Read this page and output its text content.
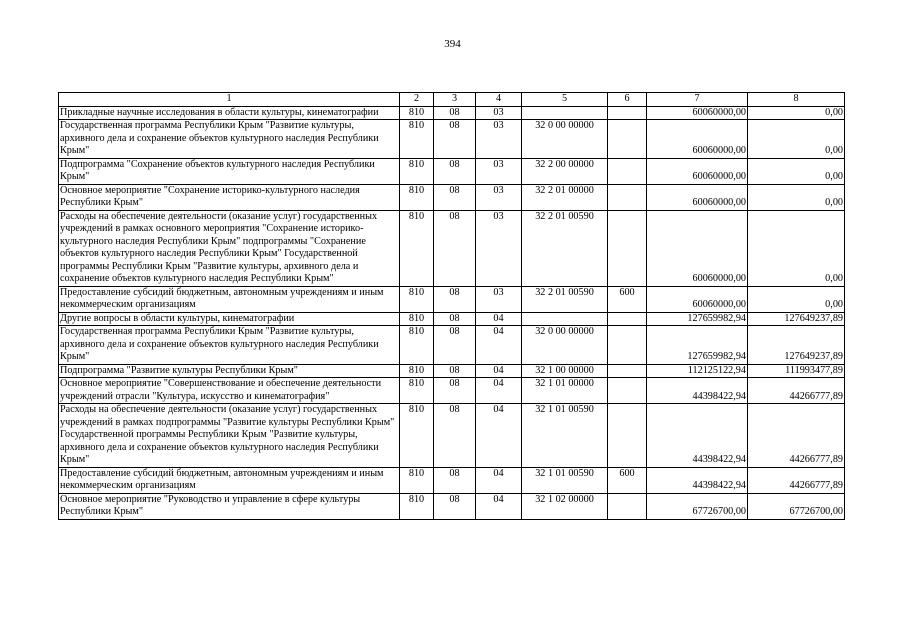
394
1	2	3	4	5	6	7	8
Прикладные научные исследования в области культуры, кинематографии	810	08	03			60060000,00	0,00
Государственная программа Республики Крым "Развитие культуры, архивного дела и сохранение объектов культурного наследия Республики Крым"	810	08	03	32 0 00 00000		60060000,00	0,00
Подпрограмма "Сохранение объектов культурного наследия Республики Крым"	810	08	03	32 2 00 00000		60060000,00	0,00
Основное мероприятие "Сохранение историко-культурного наследия Республики Крым"	810	08	03	32 2 01 00000		60060000,00	0,00
Расходы на обеспечение деятельности (оказание услуг) государственных учреждений в рамках основного мероприятия "Сохранение историко-культурного наследия Республики Крым" подпрограммы "Сохранение объектов культурного наследия Республики Крым" Государственной программы Республики Крым "Развитие культуры, архивного дела и сохранение объектов культурного наследия Республики Крым"	810	08	03	32 2 01 00590		60060000,00	0,00
Предоставление субсидий бюджетным, автономным учреждениям и иным некоммерческим организациям	810	08	03	32 2 01 00590	600	60060000,00	0,00
Другие вопросы в области культуры, кинематографии	810	08	04			127659982,94	127649237,89
Государственная программа Республики Крым "Развитие культуры, архивного дела и сохранение объектов культурного наследия Республики Крым"	810	08	04	32 0 00 00000		127659982,94	127649237,89
Подпрограмма "Развитие культуры Республики Крым"	810	08	04	32 1 00 00000		112125122,94	111993477,89
Основное мероприятие "Совершенствование и обеспечение деятельности учреждений отрасли "Культура, искусство и кинематография"	810	08	04	32 1 01 00000		44398422,94	44266777,89
Расходы на обеспечение деятельности (оказание услуг) государственных учреждений в рамках подпрограммы "Развитие культуры Республики Крым" Государственной программы Республики Крым "Развитие культуры, архивного дела и сохранение объектов культурного наследия Республики Крым"	810	08	04	32 1 01 00590		44398422,94	44266777,89
Предоставление субсидий бюджетным, автономным учреждениям и иным некоммерческим организациям	810	08	04	32 1 01 00590	600	44398422,94	44266777,89
Основное мероприятие "Руководство и управление в сфере культуры Республики Крым"	810	08	04	32 1 02 00000		67726700,00	67726700,00
